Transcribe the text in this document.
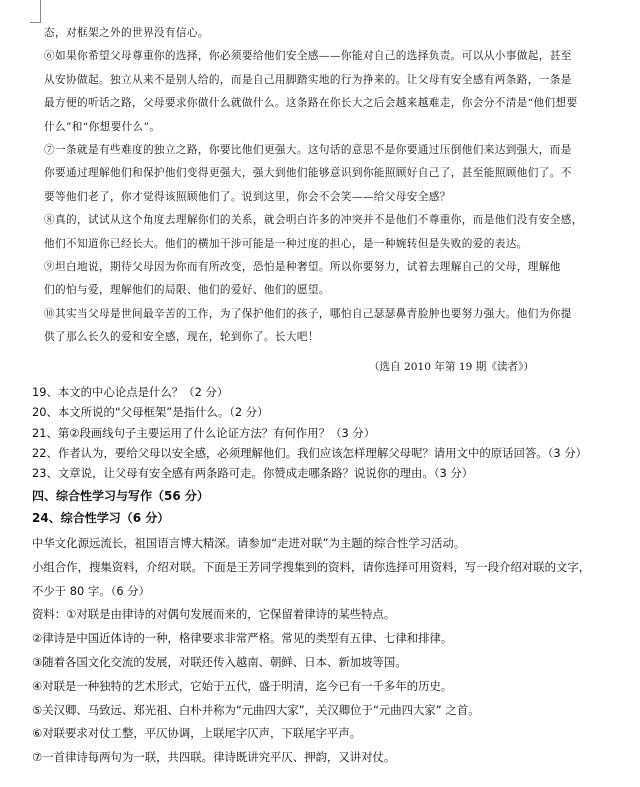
态，对框架之外的世界没有信心。

⑥如果你希望父母尊重你的选择，你必须要给他们安全感——你能对自己的选择负责。可以从小事做起，甚至

从安协做起。独立从来不是别人给的，而是自己用脚踏实地的行为挣来的。让父母有安全感有两条路，一条是

最方便的听话之路，父母要求你做什么就做什么。这条路在你长大之后会越来越难走，你会分不清是“他们想要

什么”和“你想要什么”。

⑦一条就是有些难度的独立之路，你要比他们更强大。这句话的意思不是你要通过压倒他们来达到强大，而是

你要通过理解他们和保护他们变得更强大，强大到他们能够意识到你能照顾好自己了，甚至能照顾他们了。不

要等他们老了，你才觉得该照顾他们了。说到这里，你会不会笑——给父母安全感？

⑧真的，试试从这个角度去理解你们的关系，就会明白许多的冲突并不是他们不尊重你，而是他们没有安全感，

他们不知道你已经长大。他们的横加干涉可能是一种过度的担心，是一种婉转但是失败的爱的表达。

⑨坦白地说，期待父母因为你而有所改变，恐怕是种奢望。所以你要努力，试着去理解自己的父母，理解他

们的怕与爱，理解他们的局限、他们的爱好、他们的愿望。

⑩其实当父母是世间最辛苦的工作，为了保护他们的孩子，哪怕自己瑟瑟鼻青脸肿也要努力强大。他们为你提

供了那么长久的爱和安全感，现在，轮到你了。长大吧！

（选自 2010 年第 19 期《读者》）
19、本文的中心论点是什么？（2 分）
20、本文所说的“父母框架”是指什么。（2 分）
21、第②段画线句子主要运用了什么论证方法？有何作用？（3 分）
22、作者认为，要给父母以安全感，必须理解他们。我们应该怎样理解父母呢？请用文中的原话回答。（3 分）
23、文章说，让父母有安全感有两条路可走。你赞成走哪条路？说说你的理由。（3 分）
四、综合性学习与写作（56 分）
24、综合性学习（6 分）

中华文化源远流长，祖国语言博大精深。请参加“走进对联”为主题的综合性学习活动。

小组合作，搜集资料，介绍对联。下面是王芳同学搜集到的资料，请你选择可用资料，写一段介绍对联的文字，

不少于 80 字。（6 分）

资料：①对联是由律诗的对偶句发展而来的，它保留着律诗的某些特点。

②律诗是中国近体诗的一种，格律要求非常严格。常见的类型有五律、七律和排律。

③随着各国文化交流的发展，对联还传入越南、朝鲜、日本、新加坡等国。

④对联是一种独特的艺术形式，它始于五代，盛于明清，迄今已有一千多年的历史。

⑤关汉卿、马致远、郑光祖、白朴并称为“元曲四大家”，关汉卿位于“元曲四大家” 之首。

⑥对联要求对仗工整，平仄协调，上联尾字仄声，下联尾字平声。

⑦一首律诗每两句为一联，共四联。律诗既讲究平仄、押韵，又讲对仗。
